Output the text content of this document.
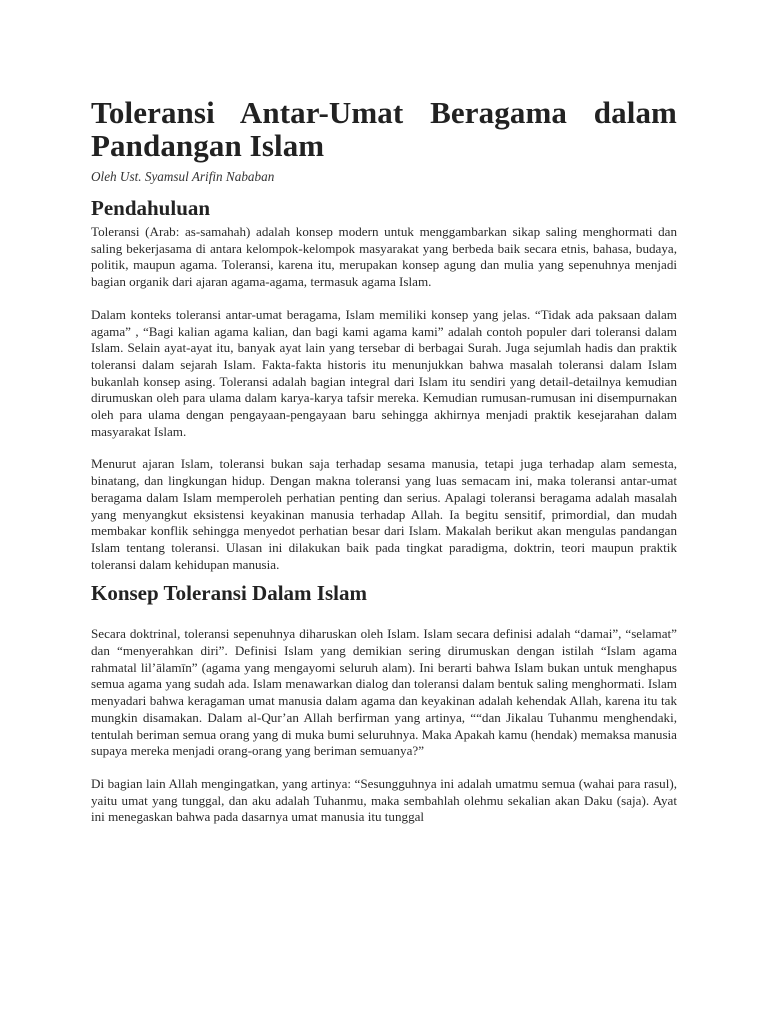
Toleransi Antar-Umat Beragama dalam
Pandangan Islam
Oleh Ust. Syamsul Arifin Nababan
Pendahuluan

Toleransi (Arab: as-samahah) adalah konsep modern untuk menggambarkan sikap saling menghormati dan saling bekerjasama di antara kelompok-kelompok masyarakat yang berbeda baik secara etnis, bahasa, budaya, politik, maupun agama. Toleransi, karena itu, merupakan konsep agung dan mulia yang sepenuhnya menjadi bagian organik dari ajaran agama-agama, termasuk agama Islam.

Dalam konteks toleransi antar-umat beragama, Islam memiliki konsep yang jelas. “Tidak ada paksaan dalam agama” , “Bagi kalian agama kalian, dan bagi kami agama kami” adalah contoh populer dari toleransi dalam Islam. Selain ayat-ayat itu, banyak ayat lain yang tersebar di berbagai Surah. Juga sejumlah hadis dan praktik toleransi dalam sejarah Islam. Fakta-fakta historis itu menunjukkan bahwa masalah toleransi dalam Islam bukanlah konsep asing. Toleransi adalah bagian integral dari Islam itu sendiri yang detail-detailnya kemudian dirumuskan oleh para ulama dalam karya-karya tafsir mereka. Kemudian rumusan-rumusan ini disempurnakan oleh para ulama dengan pengayaan-pengayaan baru sehingga akhirnya menjadi praktik kesejarahan dalam masyarakat Islam.

Menurut ajaran Islam, toleransi bukan saja terhadap sesama manusia, tetapi juga terhadap alam semesta, binatang, dan lingkungan hidup. Dengan makna toleransi yang luas semacam ini, maka toleransi antar-umat beragama dalam Islam memperoleh perhatian penting dan serius. Apalagi toleransi beragama adalah masalah yang menyangkut eksistensi keyakinan manusia terhadap Allah. Ia begitu sensitif, primordial, dan mudah membakar konflik sehingga menyedot perhatian besar dari Islam. Makalah berikut akan mengulas pandangan Islam tentang toleransi. Ulasan ini dilakukan baik pada tingkat paradigma, doktrin, teori maupun praktik toleransi dalam kehidupan manusia.

Konsep Toleransi Dalam Islam

Secara doktrinal, toleransi sepenuhnya diharuskan oleh Islam. Islam secara definisi adalah “damai”, “selamat” dan “menyerahkan diri”. Definisi Islam yang demikian sering dirumuskan dengan istilah “Islam agama rahmatal lil’ālamīn” (agama yang mengayomi seluruh alam). Ini berarti bahwa Islam bukan untuk menghapus semua agama yang sudah ada. Islam menawarkan dialog dan toleransi dalam bentuk saling menghormati. Islam menyadari bahwa keragaman umat manusia dalam agama dan keyakinan adalah kehendak Allah, karena itu tak mungkin disamakan. Dalam al-Qur’an Allah berfirman yang artinya, ““dan Jikalau Tuhanmu menghendaki, tentulah beriman semua orang yang di muka bumi seluruhnya. Maka Apakah kamu (hendak) memaksa manusia supaya mereka menjadi orang-orang yang beriman semuanya?”

Di bagian lain Allah mengingatkan, yang artinya: “Sesungguhnya ini adalah umatmu semua (wahai para rasul), yaitu umat yang tunggal, dan aku adalah Tuhanmu, maka sembahlah olehmu sekalian akan Daku (saja). Ayat ini menegaskan bahwa pada dasarnya umat manusia itu tunggal
